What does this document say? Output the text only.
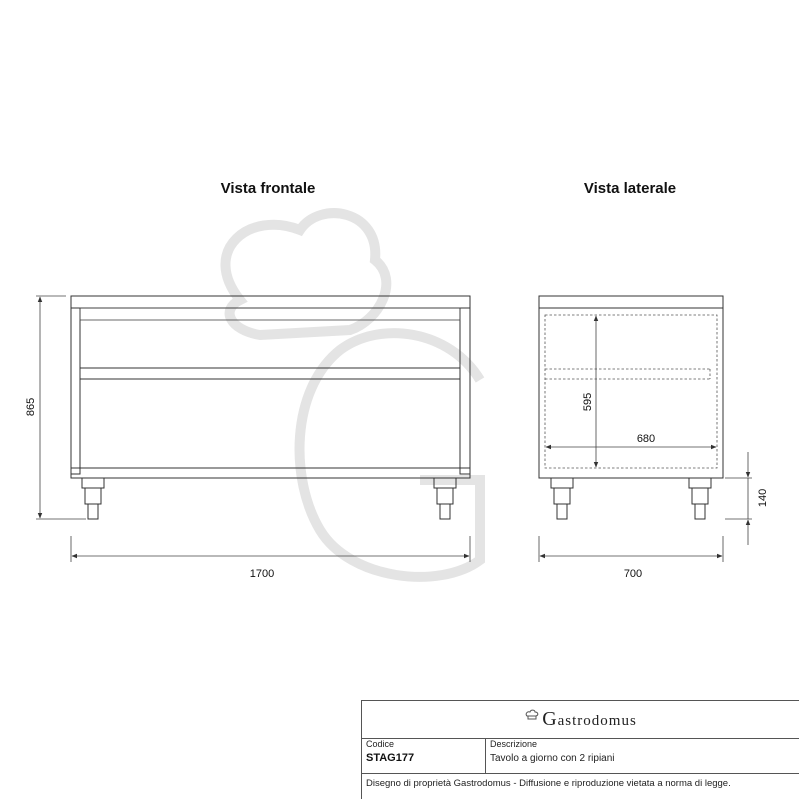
Vista frontale	Vista laterale
865
1700
595
680
140
700
Gastrodomus
Codice
STAG177
Descrizione
Tavolo a giorno con 2 ripiani
Disegno di proprietà Gastrodomus - Diffusione e riproduzione vietata a norma di legge.
